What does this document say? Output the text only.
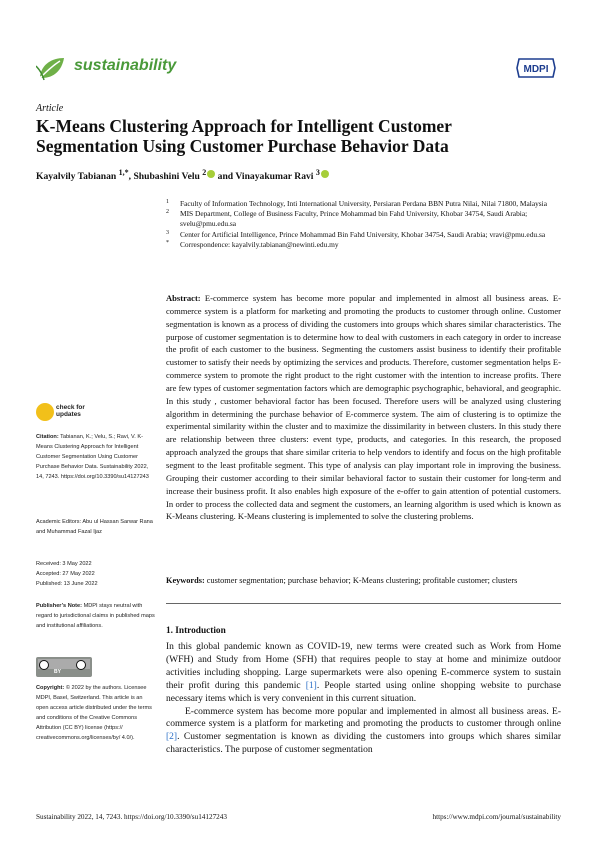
sustainability	MDPI
Article
K-Means Clustering Approach for Intelligent Customer Segmentation Using Customer Purchase Behavior Data
Kayalvily Tabianan $^{1,*}$, Shubashini Velu $^2$ and Vinayakumar Ravi $^3$
1 Faculty of Information Technology, Inti International University, Persiaran Perdana BBN Putra Nilai, Nilai 71800, Malaysia
2 MIS Department, College of Business Faculty, Prince Mohammad bin Fahd University, Khobar 34754, Saudi Arabia; svelu@pmu.edu.sa
3 Center for Artificial Intelligence, Prince Mohammad Bin Fahd University, Khobar 34754, Saudi Arabia; vravi@pmu.edu.sa
* Correspondence: kayalvily.tabianan@newinti.edu.my
Abstract: E-commerce system has become more popular and implemented in almost all business areas. E-commerce system is a platform for marketing and promoting the products to customer through online. Customer segmentation is known as a process of dividing the customers into groups which shares similar characteristics. The purpose of customer segmentation is to determine how to deal with customers in each category in order to increase the profit of each customer to the business. Segmenting the customers assist business to identify their profitable customer to satisfy their needs by optimizing the services and products. Therefore, customer segmentation helps E-commerce system to promote the right product to the right customer with the intention to increase profits. There are few types of customer segmentation factors which are demographic psychographic, behavioral, and geographic. In this study , customer behavioral factor has been focused. Therefore users will be analyzed using clustering algorithm in determining the purchase behavior of E-commerce system. The aim of clustering is to optimize the experimental similarity within the cluster and to maximize the dissimilarity in between clusters. In this study there are relationship between three clusters: event type, products, and categories. In this research, the proposed approach analyzed the groups that share similar criteria to help vendors to identify and focus on the high profitable segment to the least profitable segment. This type of analysis can play important role in improving the business. Grouping their customer according to their similar behavioral factor to sustain their customer for long-term and increase their business profit. It also enables high exposure of the e-offer to gain attention of potential customers. In order to process the collected data and segment the customers, an learning algorithm is used which is known as K-Means clustering. K-Means clustering is implemented to solve the clustering problems.
Keywords: customer segmentation; purchase behavior; K-Means clustering; profitable customer; clusters
check for
updates
Citation: Tabianan, K.; Velu, S.; Ravi, V. K-Means Clustering Approach for Intelligent Customer Segmentation Using Customer Purchase Behavior Data. Sustainability 2022, 14, 7243. https://doi.org/10.3390/su14127243
Academic Editors: Abu ul Hassan Sarwar Rana and Muhammad Fazal Ijaz
Received: 3 May 2022
Accepted: 27 May 2022
Published: 13 June 2022
Publisher’s Note: MDPI stays neutral with regard to jurisdictional claims in published maps and institutional affiliations.
BY
Copyright: © 2022 by the authors. Licensee MDPI, Basel, Switzerland. This article is an open access article distributed under the terms and conditions of the Creative Commons Attribution (CC BY) license (https:// creativecommons.org/licenses/by/ 4.0/).
1. Introduction

In this global pandemic known as COVID-19, new terms were created such as Work from Home (WFH) and Study from Home (SFH) that requires people to stay at home and minimize outdoor activities including shopping. Large supermarkets were also opening E-commerce system to sustain their profit during this pandemic [1]. People started using online shopping website to purchase necessary items which is very convenient in this current situation.

E-commerce system has become more popular and implemented in almost all business areas. E-commerce system is a platform for marketing and promoting the products to customer through online [2]. Customer segmentation is known as dividing the customers into groups which shares similar characteristics. The purpose of customer segmentation

Sustainability 2022, 14, 7243. https://doi.org/10.3390/su14127243	https://www.mdpi.com/journal/sustainability
